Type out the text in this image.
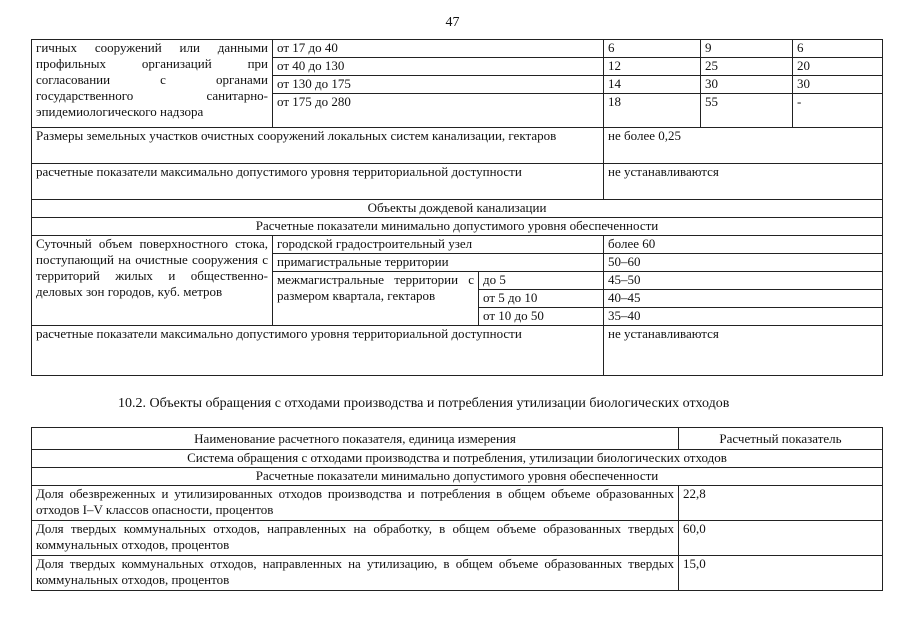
47
гичных сооружений или данными профильных организаций при согласовании с органами государственного санитарно-эпидемиологического надзора	от 17 до 40		6	9	6
	от 40 до 130		12	25	20
	от 130 до 175		14	30	30
	от 175 до 280		18	55	-
Размеры земельных участков очистных сооружений локальных систем канализации, гектаров			не более 0,25		
расчетные показатели максимально допустимого уровня территориальной доступности			не устанавливаются		
Объекты дождевой канализации					
Расчетные показатели минимально допустимого уровня обеспеченности					
Суточный объем поверхностного стока, поступающий на очистные сооружения с территорий жилых и общественно-деловых зон городов, куб. метров	городской градостроительный узел		более 60		
	примагистральные территории		50–60		
	межмагистральные территории с размером квартала, гектаров	до 5	45–50		
		от 5 до 10	40–45		
		от 10 до 50	35–40		
расчетные показатели максимально допустимого уровня территориальной доступности			не устанавливаются		
10.2. Объекты обращения с отходами производства и потребления утилизации биологических отходов
Наименование расчетного показателя, единица измерения	Расчетный показатель
Система обращения с отходами производства и потребления, утилизации биологических отходов	
Расчетные показатели минимально допустимого уровня обеспеченности	
Доля обезвреженных и утилизированных отходов производства и потребления в общем объеме образованных отходов I–V классов опасности, процентов	22,8
Доля твердых коммунальных отходов, направленных на обработку, в общем объеме образованных твердых коммунальных отходов, процентов	60,0
Доля твердых коммунальных отходов, направленных на утилизацию, в общем объеме образованных твердых коммунальных отходов, процентов	15,0
